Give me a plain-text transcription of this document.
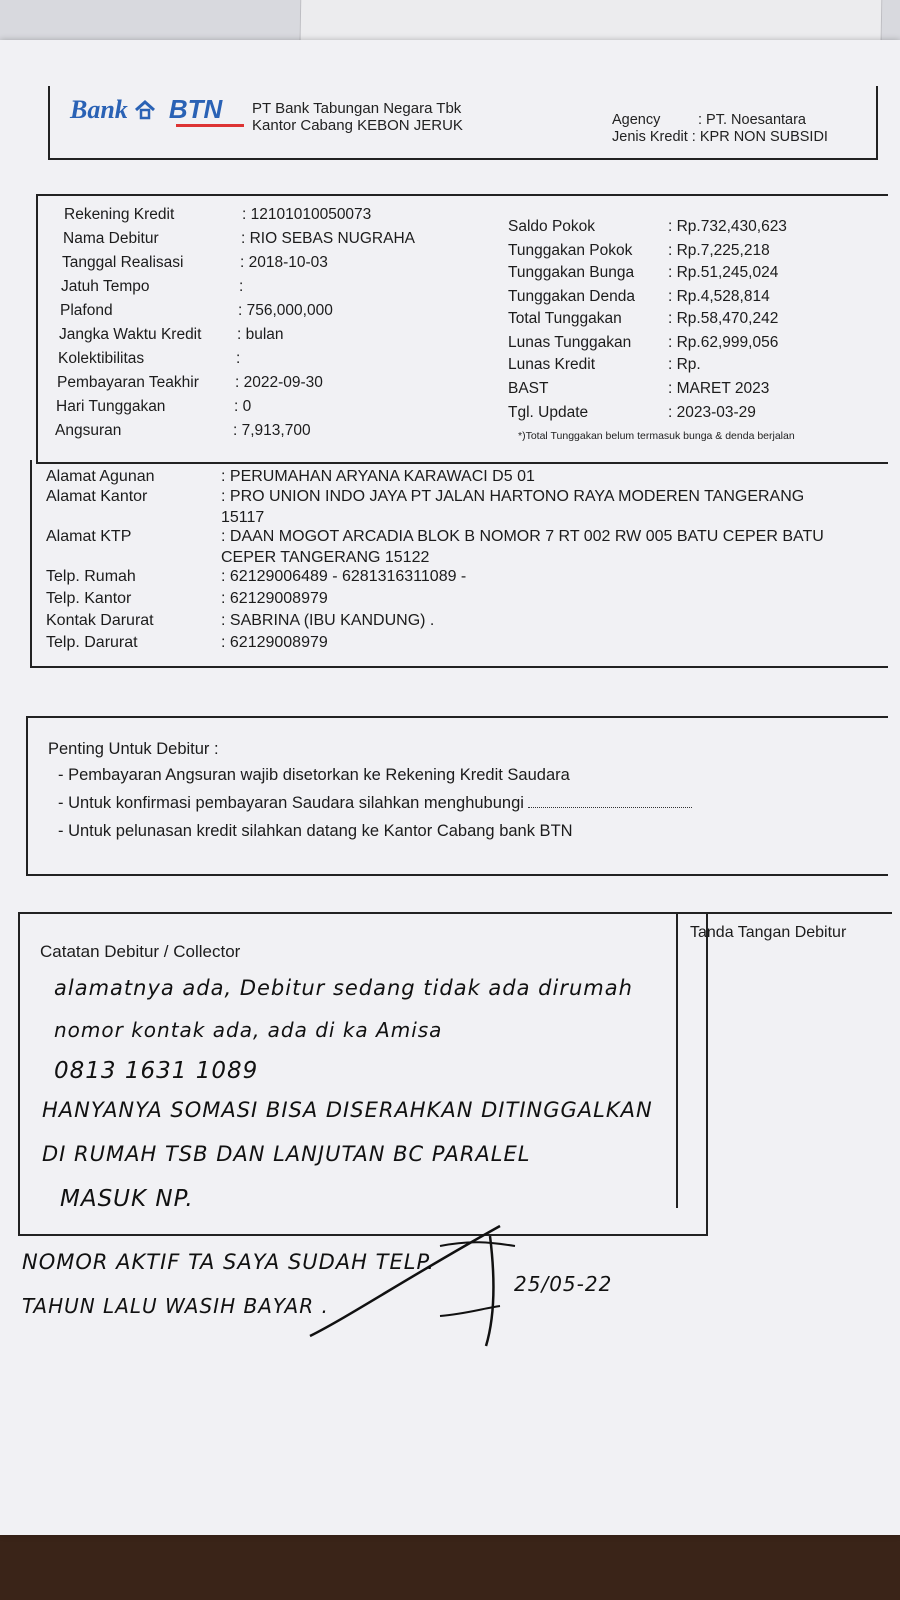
Bank BTN PT Bank Tabungan Negara Tbk
Kantor Cabang KEBON JERUK	Agency	: PT. Noesantara
Jenis Kredit : KPR NON SUBSIDI
Rekening Kredit	: 12101010050073
Nama Debitur	: RIO SEBAS NUGRAHA
Tanggal Realisasi	: 2018-10-03
Jatuh Tempo	:
Plafond	: 756,000,000
Jangka Waktu Kredit : bulan
Kolektibilitas	:
Pembayaran Teakhir : 2022-09-30
Hari Tunggakan	: 0
Angsuran	: 7,913,700
Saldo Pokok	: Rp.732,430,623
Tunggakan Pokok : Rp.7,225,218
Tunggakan Bunga : Rp.51,245,024
Tunggakan Denda : Rp.4,528,814
Total Tunggakan	: Rp.58,470,242
Lunas Tunggakan : Rp.62,999,056
Lunas Kredit	: Rp.
BAST	: MARET 2023
Tgl. Update	: 2023-03-29
*)Total Tunggakan belum termasuk bunga & denda berjalan
Alamat Agunan	: PERUMAHAN ARYANA KARAWACI D5 01
Alamat Kantor	: PRO UNION INDO JAYA PT JALAN HARTONO RAYA MODEREN TANGERANG 15117
Alamat KTP	: DAAN MOGOT ARCADIA BLOK B NOMOR 7 RT 002 RW 005 BATU CEPER BATU CEPER TANGERANG 15122
Telp. Rumah	: 62129006489 - 6281316311089 -
Telp. Kantor	: 62129008979
Kontak Darurat	: SABRINA (IBU KANDUNG) .
Telp. Darurat	: 62129008979
Penting Untuk Debitur :
- Pembayaran Angsuran wajib disetorkan ke Rekening Kredit Saudara
- Untuk konfirmasi pembayaran Saudara silahkan menghubungi
- Untuk pelunasan kredit silahkan datang ke Kantor Cabang bank BTN
Catatan Debitur / Collector
Tanda Tangan Debitur
alamatnya ada, Debitur sedang tidak ada dirumah
nomor kontak ada, ada di ka Amisa
0813 1631 1089
HANYANYA SOMASI BISA DISERAHKAN DITINGGALKAN
DI RUMAH TSB DAN LANJUTAN BC PARALEL
MASUK NP.
NOMOR AKTIF TA SAYA SUDAH TELP.
TAHUN LALU WASIH BAYAR .
25/05-22
